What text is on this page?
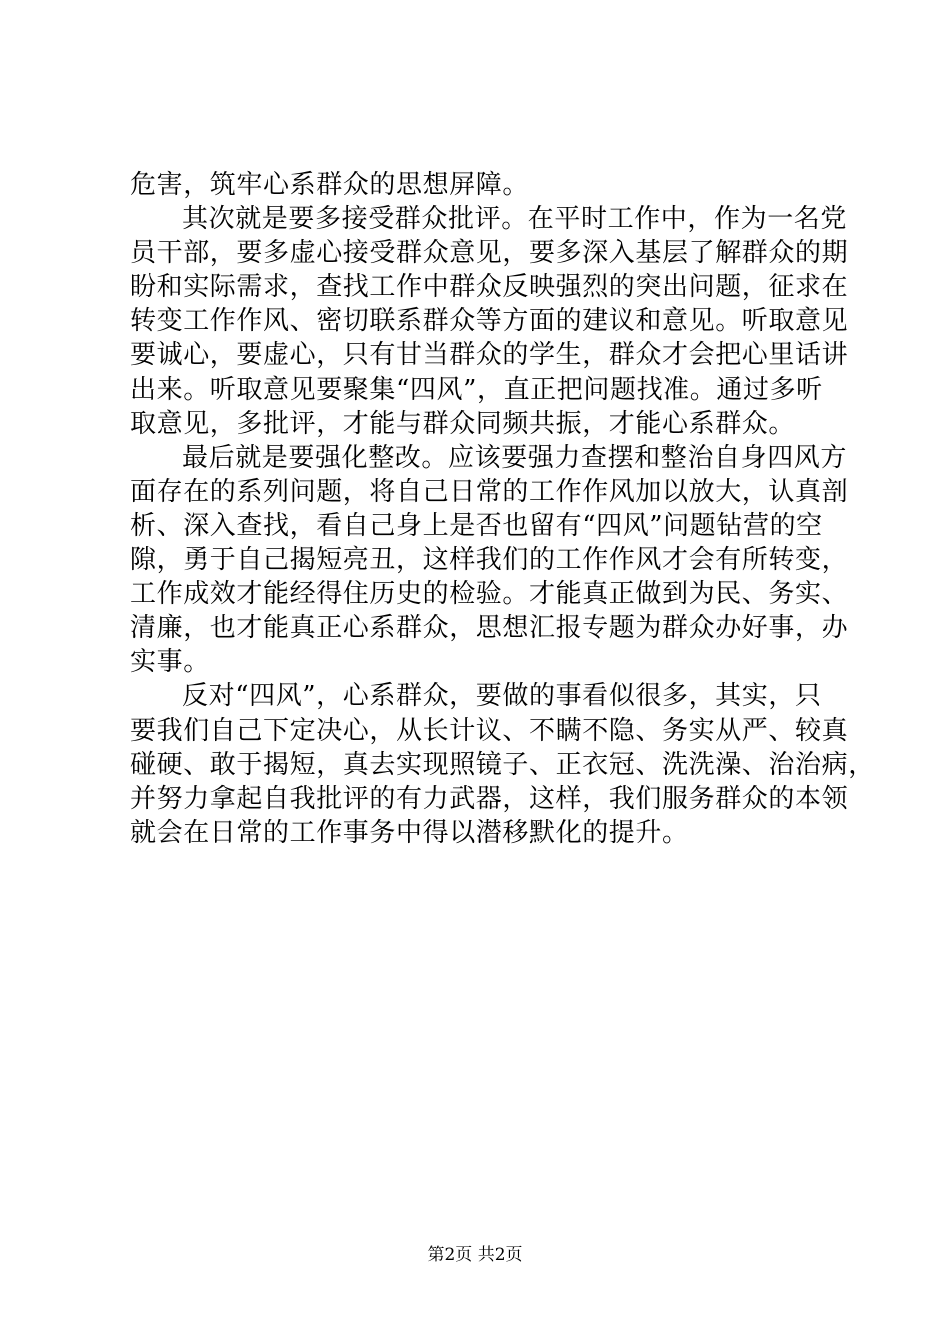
危害，筑牢心系群众的思想屏障。
其次就是要多接受群众批评。在平时工作中，作为一名党
员干部，要多虚心接受群众意见，要多深入基层了解群众的期
盼和实际需求，查找工作中群众反映强烈的突出问题，征求在
转变工作作风、密切联系群众等方面的建议和意见。听取意见
要诚心，要虚心，只有甘当群众的学生，群众才会把心里话讲
出来。听取意见要聚集“四风”，直正把问题找准。通过多听
取意见，多批评，才能与群众同频共振，才能心系群众。
最后就是要强化整改。应该要强力查摆和整治自身四风方
面存在的系列问题，将自己日常的工作作风加以放大，认真剖
析、深入查找，看自己身上是否也留有“四风”问题钻营的空
隙，勇于自己揭短亮丑，这样我们的工作作风才会有所转变，
工作成效才能经得住历史的检验。才能真正做到为民、务实、
清廉，也才能真正心系群众，思想汇报专题为群众办好事，办
实事。
反对“四风”，心系群众，要做的事看似很多，其实，只
要我们自己下定决心，从长计议、不瞒不隐、务实从严、较真
碰硬、敢于揭短，真去实现照镜子、正衣冠、洗洗澡、治治病，
并努力拿起自我批评的有力武器，这样，我们服务群众的本领
就会在日常的工作事务中得以潜移默化的提升。
第2页 共2页
